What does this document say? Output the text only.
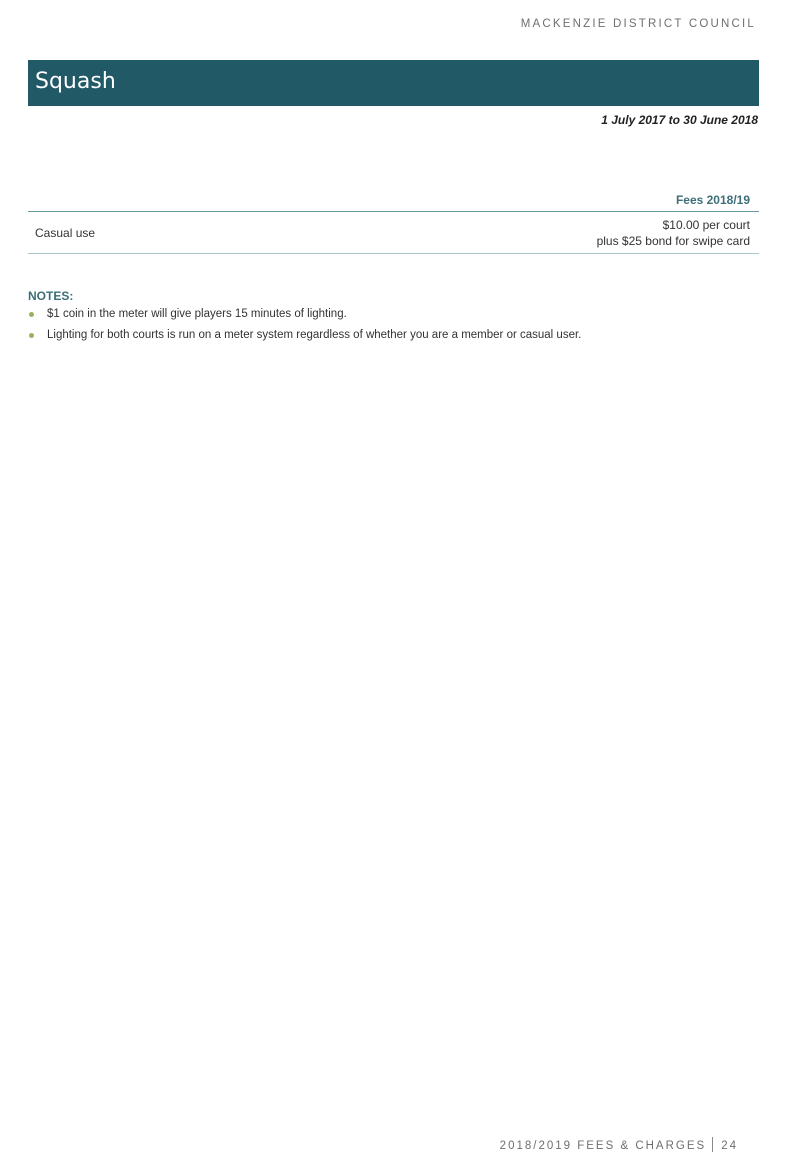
MACKENZIE DISTRICT COUNCIL
Squash
1 July 2017 to 30 June 2018
Fees 2018/19
Casual use
$10.00 per court
plus $25 bond for swipe card
NOTES:
$1 coin in the meter will give players 15 minutes of lighting.
Lighting for both courts is run on a meter system regardless of whether you are a member or casual user.
2018/2019 FEES & CHARGES 24
